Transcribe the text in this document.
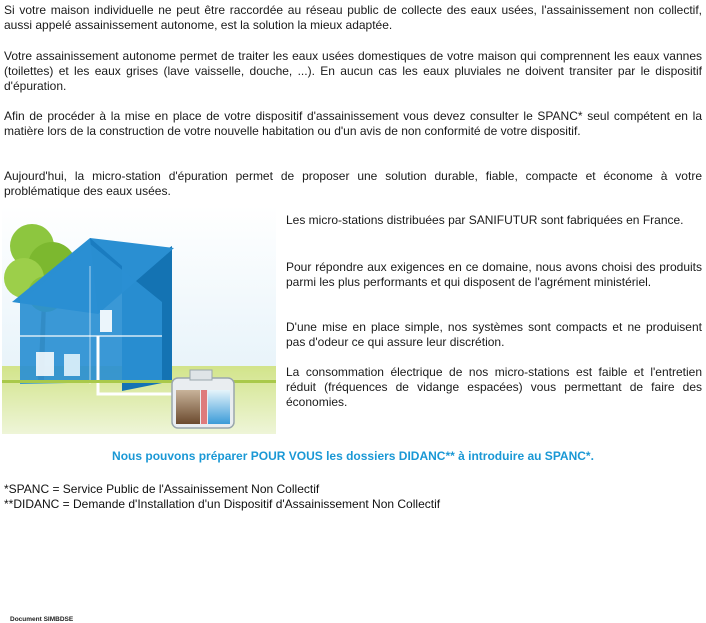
Si votre maison individuelle ne peut être raccordée au réseau public de collecte des eaux usées, l'assainissement non collectif, aussi appelé assainissement autonome, est la solution la mieux adaptée.

Votre assainissement autonome permet de traiter les eaux usées domestiques de votre maison qui comprennent les eaux vannes (toilettes) et les eaux grises (lave vaisselle, douche, ...). En aucun cas les eaux pluviales ne doivent transiter par le dispositif d'épuration.

Afin de procéder à la mise en place de votre dispositif d'assainissement vous devez consulter le SPANC* seul compétent en la matière lors de la construction de votre nouvelle habitation ou d'un avis de non conformité de votre dispositif.

Aujourd'hui, la micro-station d'épuration permet de proposer une solution durable, fiable, compacte et économe à votre problématique des eaux usées.

Document SIMBDSE

Les micro-stations distribuées par SANIFUTUR sont fabriquées en France.

Pour répondre aux exigences en ce domaine, nous avons choisi des produits parmi les plus performants et qui disposent de l'agrément ministériel.

D'une mise en place simple, nos systèmes sont compacts et ne produisent pas d'odeur ce qui assure leur discrétion.

La consommation électrique de nos micro-stations est faible et l'entretien réduit (fréquences de vidange espacées) vous permettant de faire des économies.

Nous pouvons préparer POUR VOUS les dossiers DIDANC** à introduire au SPANC*.
*SPANC = Service Public de l'Assainissement Non Collectif
**DIDANC = Demande d'Installation d'un Dispositif d'Assainissement Non Collectif
